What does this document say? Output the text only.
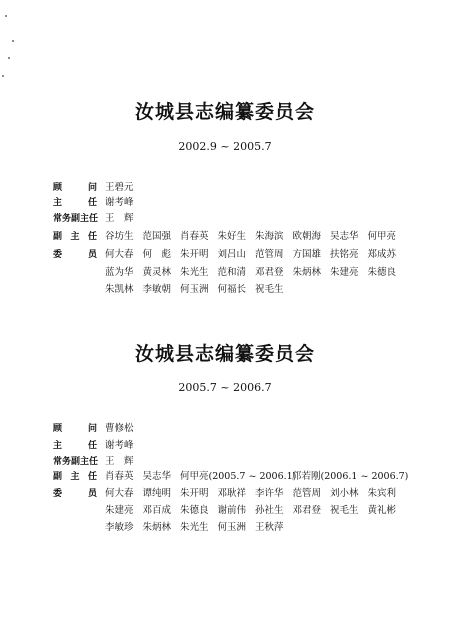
汝城县志编纂委员会
2002.9 ~ 2005.7
顾	问 王碧元
主	任 谢考峰
常务副主任 王　辉
副 主 任 谷坊生 范国强 肖春英 朱好生 朱海滨 欧朝海 吴志华 何甲亮
委	员 何大春 何　彪 朱开明 刘吕山 范管周 方国雄 扶铭亮 郑成苏
蓝为华 黄灵林 朱光生 范和清 邓君登 朱炳林 朱建亮 朱德良
朱凯林 李敏朝 何玉洲 何福长 祝毛生
汝城县志编纂委员会
2005.7 ~ 2006.7
顾	问 曹修松
主	任 谢考峰
常务副主任 王　辉
副 主 任 肖春英 吴志华 何甲亮(2005.7 ~ 2006.1)
邝若刚(2006.1 ~ 2006.7)
委	员 何大春 谭纯明 朱开明 邓耿祥 李许华 范管周 刘小林 朱宾利
朱建亮 邓百成 朱德良 谢前伟 孙社生 邓君登 祝毛生 黄礼彬
李敏珍 朱炳林 朱光生 何玉洲 王秋萍
